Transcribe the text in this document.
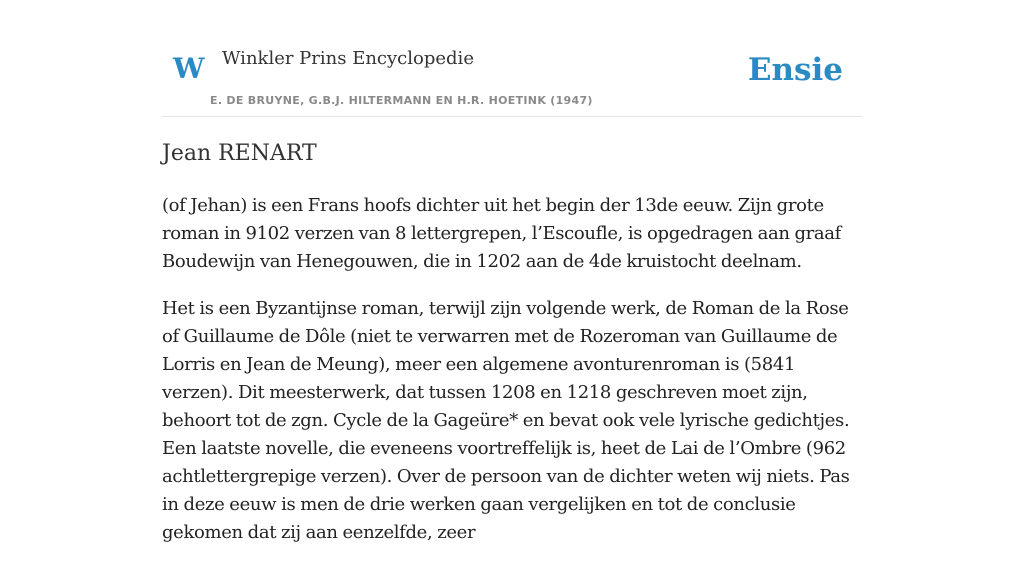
W Winkler Prins Encyclopedie	Ensie
E. DE BRUYNE, G.B.J. HILTERMANN EN H.R. HOETINK (1947)
Jean RENART

(of Jehan) is een Frans hoofs dichter uit het begin der 13de eeuw. Zijn grote roman in 9102 verzen van 8 lettergrepen, l’Escoufle, is opgedragen aan graaf Boudewijn van Henegouwen, die in 1202 aan de 4de kruistocht deelnam.

Het is een Byzantijnse roman, terwijl zijn volgende werk, de Roman de la Rose of Guillaume de Dôle (niet te verwarren met de Rozeroman van Guillaume de Lorris en Jean de Meung), meer een algemene avonturenroman is (5841 verzen). Dit meesterwerk, dat tussen 1208 en 1218 geschreven moet zijn, behoort tot de zgn. Cycle de la Gageüre* en bevat ook vele lyrische gedichtjes. Een laatste novelle, die eveneens voortreffelijk is, heet de Lai de l’Ombre (962 achtlettergrepige verzen). Over de persoon van de dichter weten wij niets. Pas in deze eeuw is men de drie werken gaan vergelijken en tot de conclusie gekomen dat zij aan eenzelfde, zeer
